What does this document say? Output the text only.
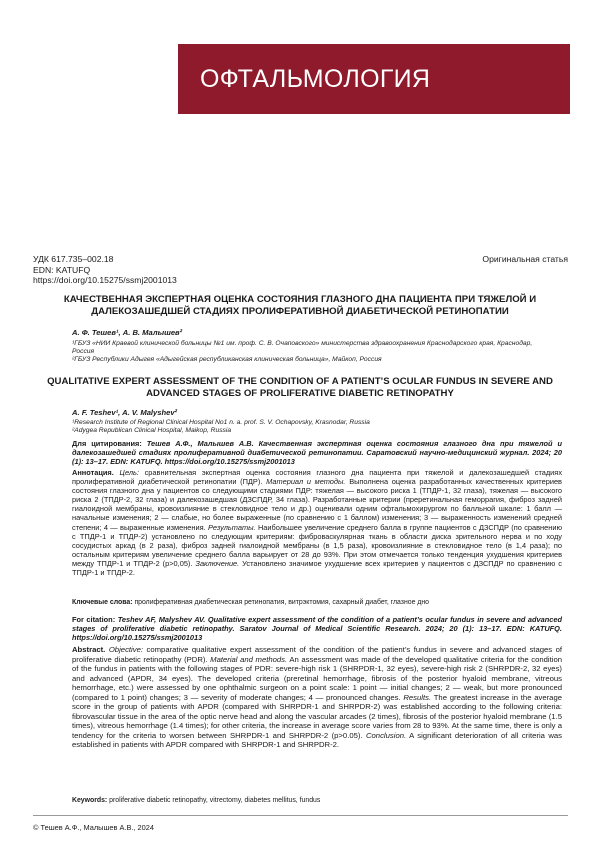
ОФТАЛЬМОЛОГИЯ
УДК 617.735–002.18
EDN: KATUFQ
https://doi.org/10.15275/ssmj2001013
Оригинальная статья
КАЧЕСТВЕННАЯ ЭКСПЕРТНАЯ ОЦЕНКА СОСТОЯНИЯ ГЛАЗНОГО ДНА ПАЦИЕНТА ПРИ ТЯЖЕЛОЙ И ДАЛЕКОЗАШЕДШЕЙ СТАДИЯХ ПРОЛИФЕРАТИВНОЙ ДИАБЕТИЧЕСКОЙ РЕТИНОПАТИИ
А. Ф. Тешев¹, А. В. Малышев²
¹ГБУЗ «НИИ Краевой клинической больницы №1 им. проф. С. В. Очаповского» министерства здравоохранения Краснодарского края, Краснодар, Россия
²ГБУЗ Республики Адыгея «Адыгейская республиканская клиническая больница», Майкоп, Россия
QUALITATIVE EXPERT ASSESSMENT OF THE CONDITION OF A PATIENT’S OCULAR FUNDUS IN SEVERE AND ADVANCED STAGES OF PROLIFERATIVE DIABETIC RETINOPATHY
A. F. Teshev¹, A. V. Malyshev²
¹Research Institute of Regional Clinical Hospital No1 n. a. prof. S. V. Ochapovsky, Krasnodar, Russia
²Adygea Republican Clinical Hospital, Maikop, Russia
Для цитирования: Тешев А.Ф., Малышев А.В. Качественная экспертная оценка состояния глазного дна при тяжелой и далекозашедшей стадиях пролиферативной диабетической ретинопатии. Саратовский научно-медицинский журнал. 2024; 20 (1): 13–17. EDN: KATUFQ. https://doi.org/10.15275/ssmj2001013
Аннотация. Цель: сравнительная экспертная оценка состояния глазного дна пациента при тяжелой и далекозашедшей стадиях пролиферативной диабетической ретинопатии (ПДР). Материал и методы. Выполнена оценка разработанных качественных критериев состояния глазного дна у пациентов со следующими стадиями ПДР: тяжелая — высокого риска 1 (ТПДР-1, 32 глаза), тяжелая — высокого риска 2 (ТПДР-2, 32 глаза) и далекозашедшая (ДЗСПДР, 34 глаза). Разработанные критерии (преретинальная геморрагия, фиброз задней гиалоидной мембраны, кровоизлияние в стекловидное тело и др.) оценивали одним офтальмохирургом по балльной шкале: 1 балл — начальные изменения; 2 — слабые, но более выраженные (по сравнению с 1 баллом) изменения; 3 — выраженность изменений средней степени; 4 — выраженные изменения. Результаты. Наибольшее увеличение среднего балла в группе пациентов с ДЗСПДР (по сравнению с ТПДР-1 и ТПДР-2) установлено по следующим критериям: фиброваскулярная ткань в области диска зрительного нерва и по ходу сосудистых аркад (в 2 раза), фиброз задней гиалоидной мембраны (в 1,5 раза), кровоизлияние в стекловидное тело (в 1,4 раза); по остальным критериям увеличение среднего балла варьирует от 28 до 93%. При этом отмечается только тенденция ухудшения критериев между ТПДР-1 и ТПДР-2 (p>0,05). Заключение. Установлено значимое ухудшение всех критериев у пациентов с ДЗСПДР по сравнению с ТПДР-1 и ТПДР-2.
Ключевые слова: пролиферативная диабетическая ретинопатия, витрэктомия, сахарный диабет, глазное дно
For citation: Teshev AF, Malyshev AV. Qualitative expert assessment of the condition of a patient’s ocular fundus in severe and advanced stages of proliferative diabetic retinopathy. Saratov Journal of Medical Scientific Research. 2024; 20 (1): 13–17. EDN: KATUFQ. https://doi.org/10.15275/ssmj2001013
Abstract. Objective: comparative qualitative expert assessment of the condition of the patient’s fundus in severe and advanced stages of proliferative diabetic retinopathy (PDR). Material and methods. An assessment was made of the developed qualitative criteria for the condition of the fundus in patients with the following stages of PDR: severe-high risk 1 (SHRPDR-1, 32 eyes), severe-high risk 2 (SHRPDR-2, 32 eyes) and advanced (APDR, 34 eyes). The developed criteria (preretinal hemorrhage, fibrosis of the posterior hyaloid membrane, vitreous hemorrhage, etc.) were assessed by one ophthalmic surgeon on a point scale: 1 point — initial changes; 2 — weak, but more pronounced (compared to 1 point) changes; 3 — severity of moderate changes; 4 — pronounced changes. Results. The greatest increase in the average score in the group of patients with APDR (compared with SHRPDR-1 and SHRPDR-2) was established according to the following criteria: fibrovascular tissue in the area of the optic nerve head and along the vascular arcades (2 times), fibrosis of the posterior hyaloid membrane (1.5 times), vitreous hemorrhage (1.4 times); for other criteria, the increase in average score varies from 28 to 93%. At the same time, there is only a tendency for the criteria to worsen between SHRPDR-1 and SHRPDR-2 (p>0.05). Conclusion. A significant deterioration of all criteria was established in patients with APDR compared with SHRPDR-1 and SHRPDR-2.
Keywords: proliferative diabetic retinopathy, vitrectomy, diabetes mellitus, fundus
© Тешев А.Ф., Малышев А.В., 2024
